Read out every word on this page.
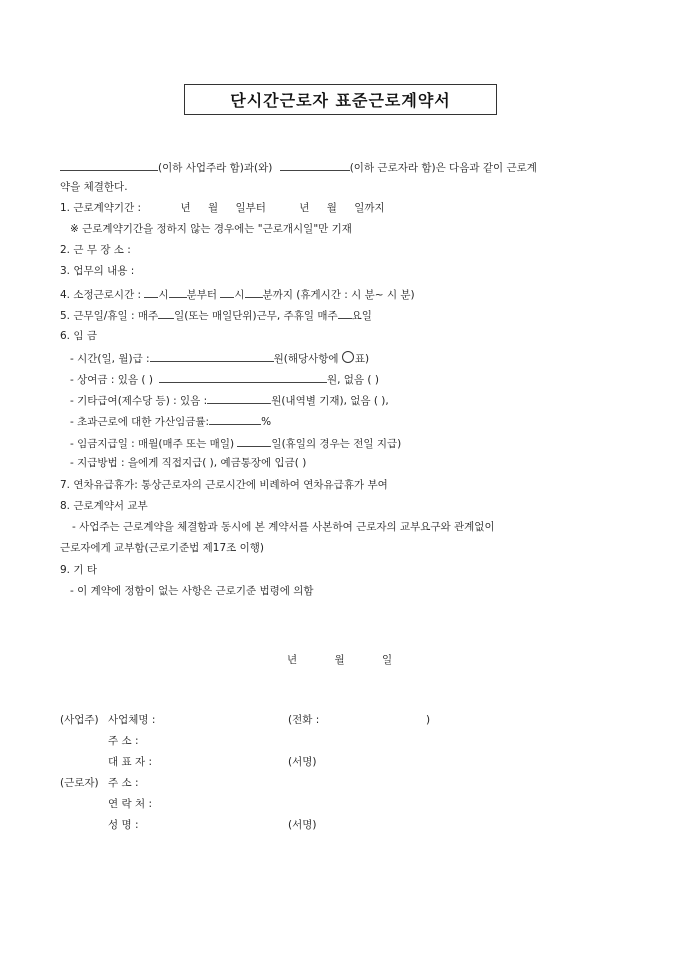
단시간근로자 표준근로계약서
(이하 사업주라 함)과(와)	(이하 근로자라 함)은 다음과 같이 근로계
약을 체결한다.
1. 근로계약기간 :	년 월 일부터	년 월 일까지
※ 근로계약기간을 정하지 않는 경우에는 "근로개시일"만 기재
2. 근 무 장 소 :
3. 업무의 내용 :
4. 소정근로시간 : 시 분부터 시 분까지 (휴게시간 : 시 분~ 시 분)
5. 근무일/휴일 : 매주 일(또는 매일단위)근무, 주휴일 매주 요일
6. 임 금
- 시간(일, 월)급 :	원(해당사항에 ○표)
- 상여금 : 있음 ( )	원, 없음 ( )
- 기타급여(제수당 등) : 있음 :	원(내역별 기재), 없음 ( ),
- 초과근로에 대한 가산임금률:	%
- 임금지급일 : 매월(매주 또는 매일)	일(휴일의 경우는 전일 지급)
- 지급방법 : 을에게 직접지급( ), 예금통장에 입금( )
7. 연차유급휴가: 통상근로자의 근로시간에 비례하여 연차유급휴가 부여
8. 근로계약서 교부
- 사업주는 근로계약을 체결함과 동시에 본 계약서를 사본하여 근로자의 교부요구와 관계없이
근로자에게 교부함(근로기준법 제17조 이행)
9. 기 타
- 이 계약에 정함이 없는 사항은 근로기준 법령에 의함
년	월	일
(사업주) 사업체명 :	(전화 :	)
주 소 :
대 표 자 :	(서명)
(근로자) 주 소 :
연 락 처 :
성 명 :	(서명)
